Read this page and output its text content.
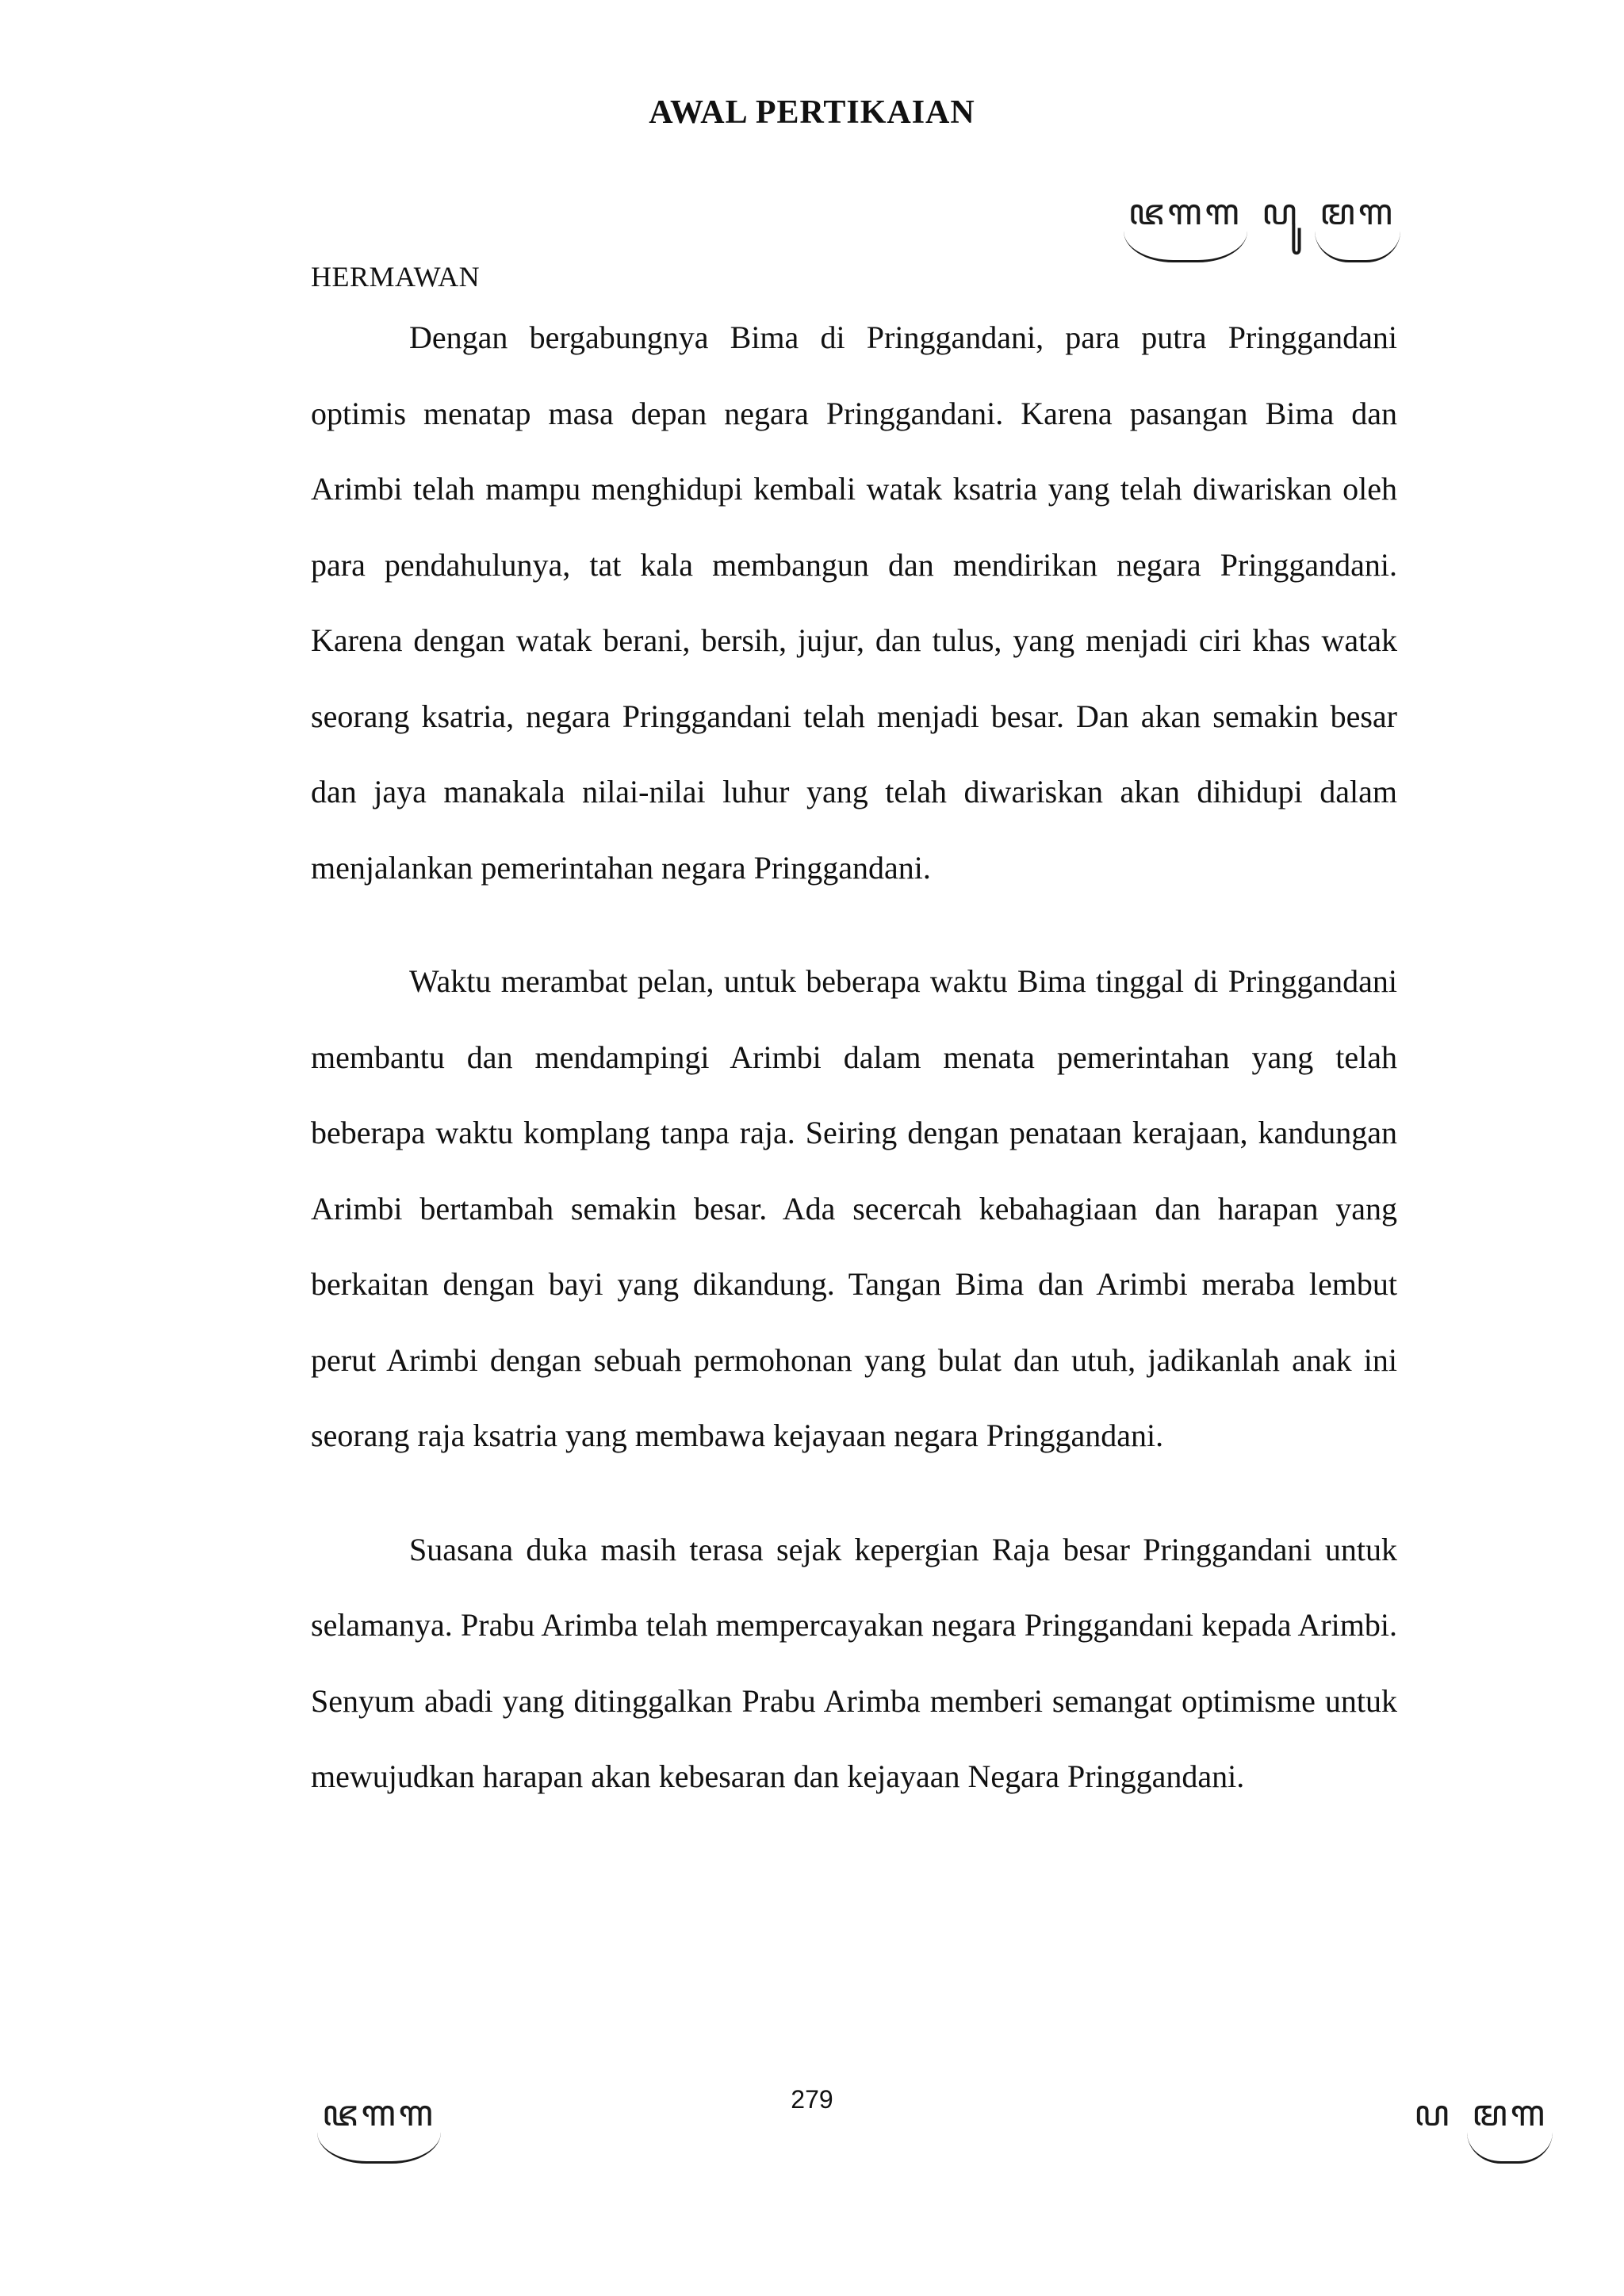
AWAL PERTIKAIAN
ꦗꦒꦒ ꦥꦸ ꦩꦒ
HERMAWAN

Dengan bergabungnya Bima di Pringgandani, para putra Pringgandani optimis menatap masa depan negara Pringgandani. Karena pasangan Bima dan Arimbi telah mampu menghidupi kembali watak ksatria yang telah diwariskan oleh para pendahulunya, tat kala membangun dan mendirikan negara Pringgandani. Karena dengan watak berani, bersih, jujur, dan tulus, yang menjadi ciri khas watak seorang ksatria, negara Pringgandani telah menjadi besar. Dan akan semakin besar dan jaya manakala nilai-nilai luhur yang telah diwariskan akan dihidupi dalam menjalankan pemerintahan negara Pringgandani.

Waktu merambat pelan, untuk beberapa waktu Bima tinggal di Pringgandani membantu dan mendampingi Arimbi dalam menata pemerintahan yang telah beberapa waktu komplang tanpa raja. Seiring dengan penataan kerajaan, kandungan Arimbi bertambah semakin besar. Ada secercah kebahagiaan dan harapan yang berkaitan dengan bayi yang dikandung. Tangan Bima dan Arimbi meraba lembut perut Arimbi dengan sebuah permohonan yang bulat dan utuh, jadikanlah anak ini seorang raja ksatria yang membawa kejayaan negara Pringgandani.

Suasana duka masih terasa sejak kepergian Raja besar Pringgandani untuk selamanya. Prabu Arimba telah mempercayakan negara Pringgandani kepada Arimbi. Senyum abadi yang ditinggalkan Prabu Arimba memberi semangat optimisme untuk mewujudkan harapan akan kebesaran dan kejayaan Negara Pringgandani.

279
ꦗꦒꦒ	ꦥ ꦩꦒ
